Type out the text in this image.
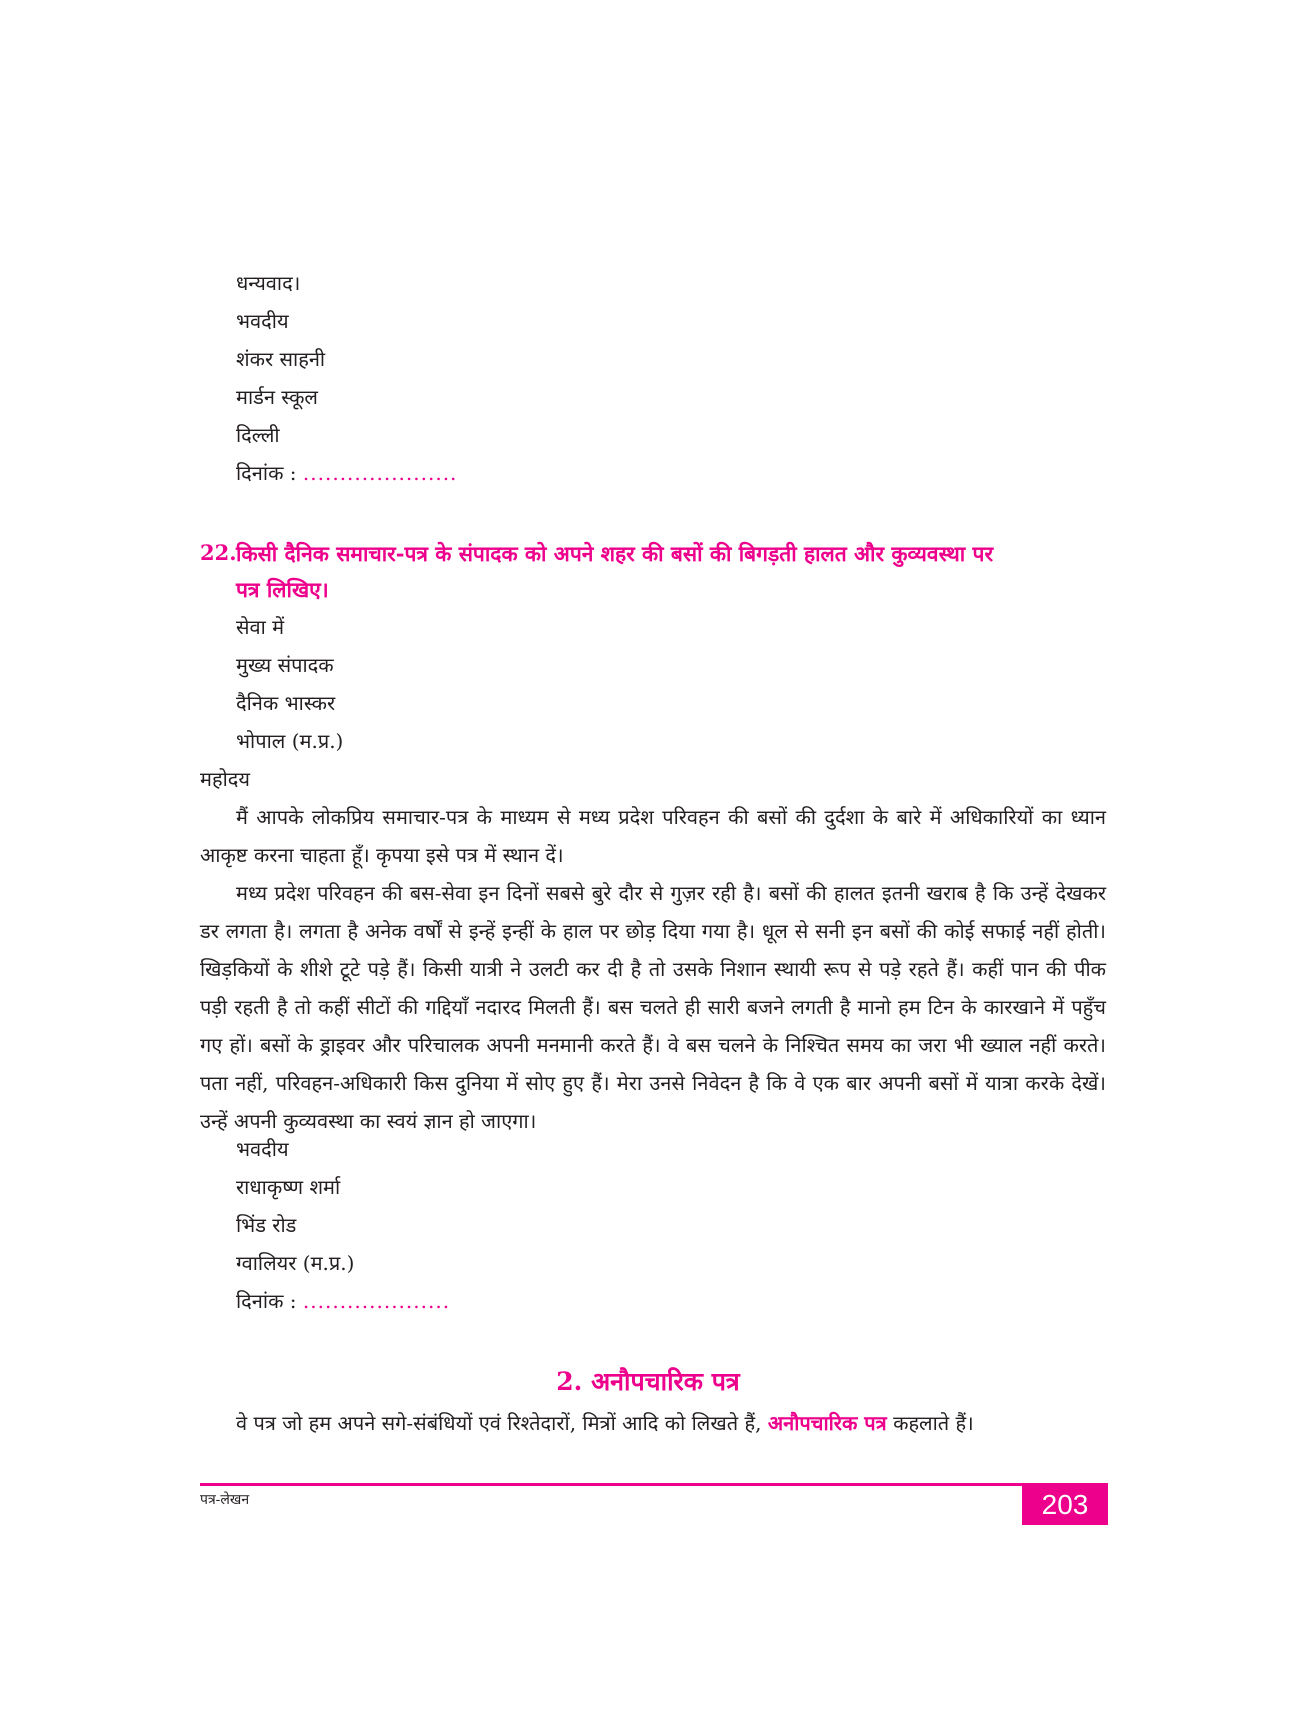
धन्यवाद।
भवदीय
शंकर साहनी
मार्डन स्कूल
दिल्ली
दिनांक : .....................
22. किसी दैनिक समाचार-पत्र के संपादक को अपने शहर की बसों की बिगड़ती हालत और कुव्यवस्था पर
पत्र लिखिए।
सेवा में
मुख्य संपादक
दैनिक भास्कर
भोपाल (म.प्र.)
महोदय
मैं आपके लोकप्रिय समाचार-पत्र के माध्यम से मध्य प्रदेश परिवहन की बसों की दुर्दशा के बारे में अधिकारियों का ध्यान आकृष्ट करना चाहता हूँ। कृपया इसे पत्र में स्थान दें।
मध्य प्रदेश परिवहन की बस-सेवा इन दिनों सबसे बुरे दौर से गुज़र रही है। बसों की हालत इतनी खराब है कि उन्हें देखकर डर लगता है। लगता है अनेक वर्षों से इन्हें इन्हीं के हाल पर छोड़ दिया गया है। धूल से सनी इन बसों की कोई सफाई नहीं होती। खिड़कियों के शीशे टूटे पड़े हैं। किसी यात्री ने उलटी कर दी है तो उसके निशान स्थायी रूप से पड़े रहते हैं। कहीं पान की पीक पड़ी रहती है तो कहीं सीटों की गद्दियाँ नदारद मिलती हैं। बस चलते ही सारी बजने लगती है मानो हम टिन के कारखाने में पहुँच गए हों। बसों के ड्राइवर और परिचालक अपनी मनमानी करते हैं। वे बस चलने के निश्चित समय का जरा भी ख्याल नहीं करते। पता नहीं, परिवहन-अधिकारी किस दुनिया में सोए हुए हैं। मेरा उनसे निवेदन है कि वे एक बार अपनी बसों में यात्रा करके देखें। उन्हें अपनी कुव्यवस्था का स्वयं ज्ञान हो जाएगा।
भवदीय
राधाकृष्ण शर्मा
भिंड रोड
ग्वालियर (म.प्र.)
दिनांक : ....................
2. अनौपचारिक पत्र
वे पत्र जो हम अपने सगे-संबंधियों एवं रिश्तेदारों, मित्रों आदि को लिखते हैं, अनौपचारिक पत्र कहलाते हैं।
पत्र-लेखन	203
